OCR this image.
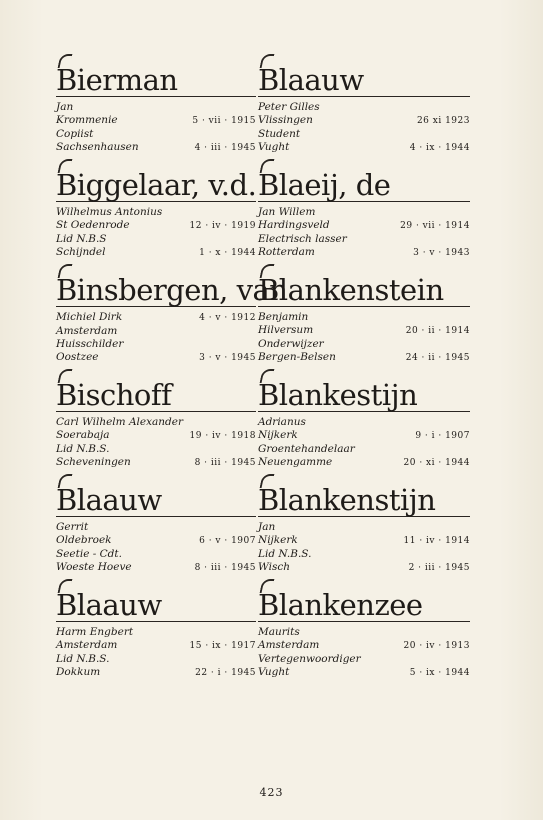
Bierman
Jan
Krommenie	5 · vii · 1915
Copiist
Sachsenhausen	4 · iii · 1945
Biggelaar, v.d.
Wilhelmus Antonius
St Oedenrode	12 · iv · 1919
Lid N.B.S
Schijndel	1 · x · 1944
Binsbergen, van
Michiel Dirk	4 · v · 1912
Amsterdam
Huisschilder
Oostzee	3 · v · 1945
Bischoff
Carl Wilhelm Alexander
Soerabaja	19 · iv · 1918
Lid N.B.S.
Scheveningen	8 · iii · 1945
Blaauw
Gerrit
Oldebroek	6 · v · 1907
Seetie - Cdt.
Woeste Hoeve	8 · iii · 1945
Blaauw
Harm Engbert
Amsterdam	15 · ix · 1917
Lid N.B.S.
Dokkum	22 · i · 1945
Blaauw
Peter Gilles
Vlissingen	26 xi 1923
Student
Vught	4 · ix · 1944
Blaeij, de
Jan Willem
Hardingsveld	29 · vii · 1914
Electrisch lasser
Rotterdam	3 · v · 1943
Blankenstein
Benjamin
Hilversum	20 · ii · 1914
Onderwijzer
Bergen-Belsen	24 · ii · 1945
Blankestijn
Adrianus
Nijkerk	9 · i · 1907
Groentehandelaar
Neuengamme	20 · xi · 1944
Blankenstijn
Jan
Nijkerk	11 · iv · 1914
Lid N.B.S.
Wisch	2 · iii · 1945
Blankenzee
Maurits
Amsterdam	20 · iv · 1913
Vertegenwoordiger
Vught	5 · ix · 1944
423
